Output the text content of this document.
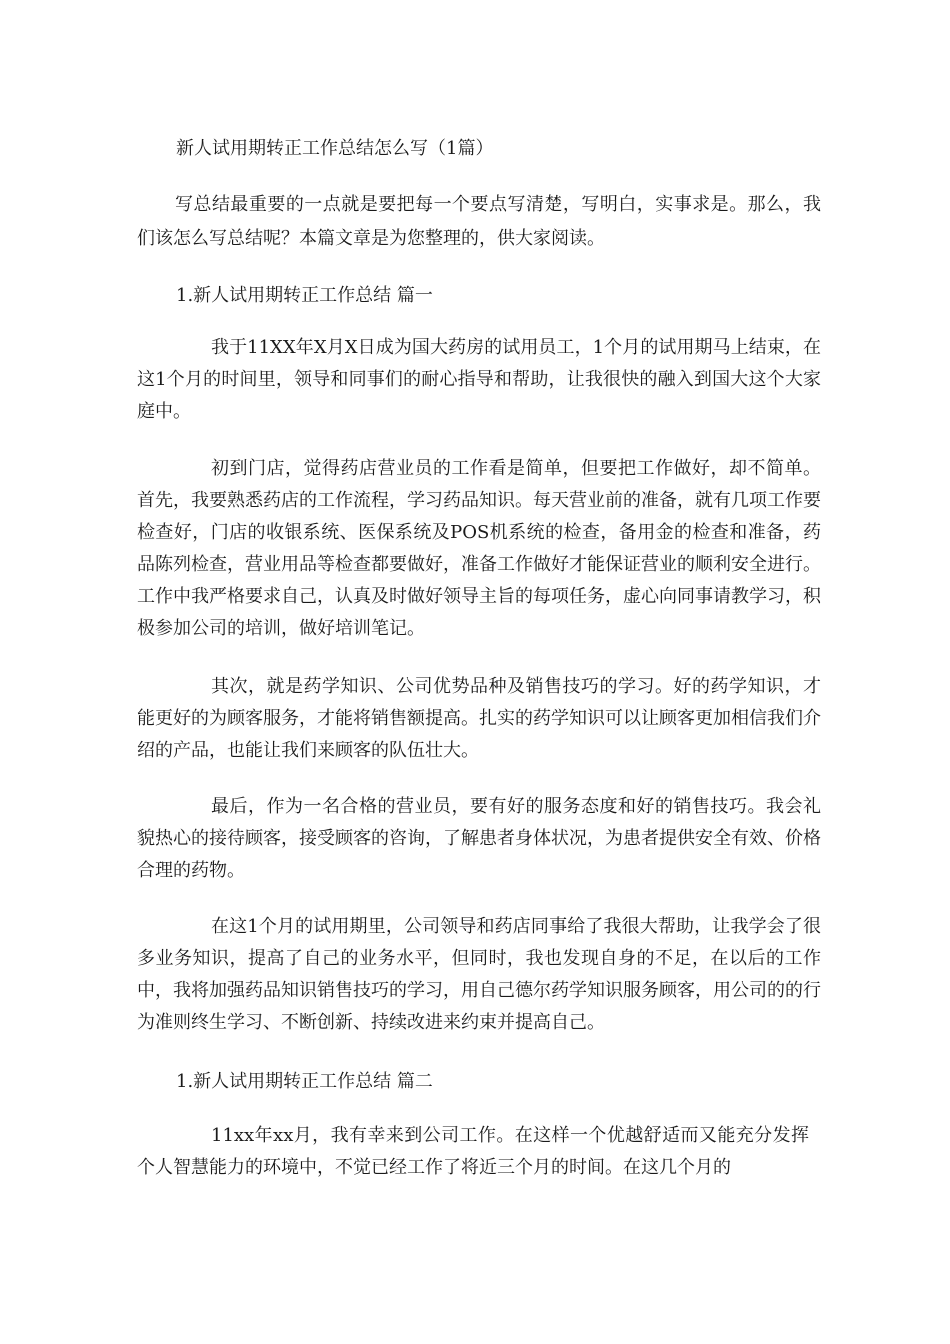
新人试用期转正工作总结怎么写（1篇）
写总结最重要的一点就是要把每一个要点写清楚，写明白，实事求是。那么，我们该怎么写总结呢？本篇文章是为您整理的，供大家阅读。
1.新人试用期转正工作总结 篇一
我于11XX年X月X日成为国大药房的试用员工，1个月的试用期马上结束，在这1个月的时间里，领导和同事们的耐心指导和帮助，让我很快的融入到国大这个大家庭中。
初到门店，觉得药店营业员的工作看是简单，但要把工作做好，却不简单。首先，我要熟悉药店的工作流程，学习药品知识。每天营业前的准备，就有几项工作要检查好，门店的收银系统、医保系统及POS机系统的检查，备用金的检查和准备，药品陈列检查，营业用品等检查都要做好，准备工作做好才能保证营业的顺利安全进行。工作中我严格要求自己，认真及时做好领导主旨的每项任务，虚心向同事请教学习，积极参加公司的培训，做好培训笔记。
其次，就是药学知识、公司优势品种及销售技巧的学习。好的药学知识，才能更好的为顾客服务，才能将销售额提高。扎实的药学知识可以让顾客更加相信我们介绍的产品，也能让我们来顾客的队伍壮大。
最后，作为一名合格的营业员，要有好的服务态度和好的销售技巧。我会礼貌热心的接待顾客，接受顾客的咨询，了解患者身体状况，为患者提供安全有效、价格合理的药物。
在这1个月的试用期里，公司领导和药店同事给了我很大帮助，让我学会了很多业务知识，提高了自己的业务水平，但同时，我也发现自身的不足，在以后的工作中，我将加强药品知识销售技巧的学习，用自己德尔药学知识服务顾客，用公司的的行为准则终生学习、不断创新、持续改进来约束并提高自己。
1.新人试用期转正工作总结 篇二
11xx年xx月，我有幸来到公司工作。在这样一个优越舒适而又能充分发挥个人智慧能力的环境中，不觉已经工作了将近三个月的时间。在这几个月的
